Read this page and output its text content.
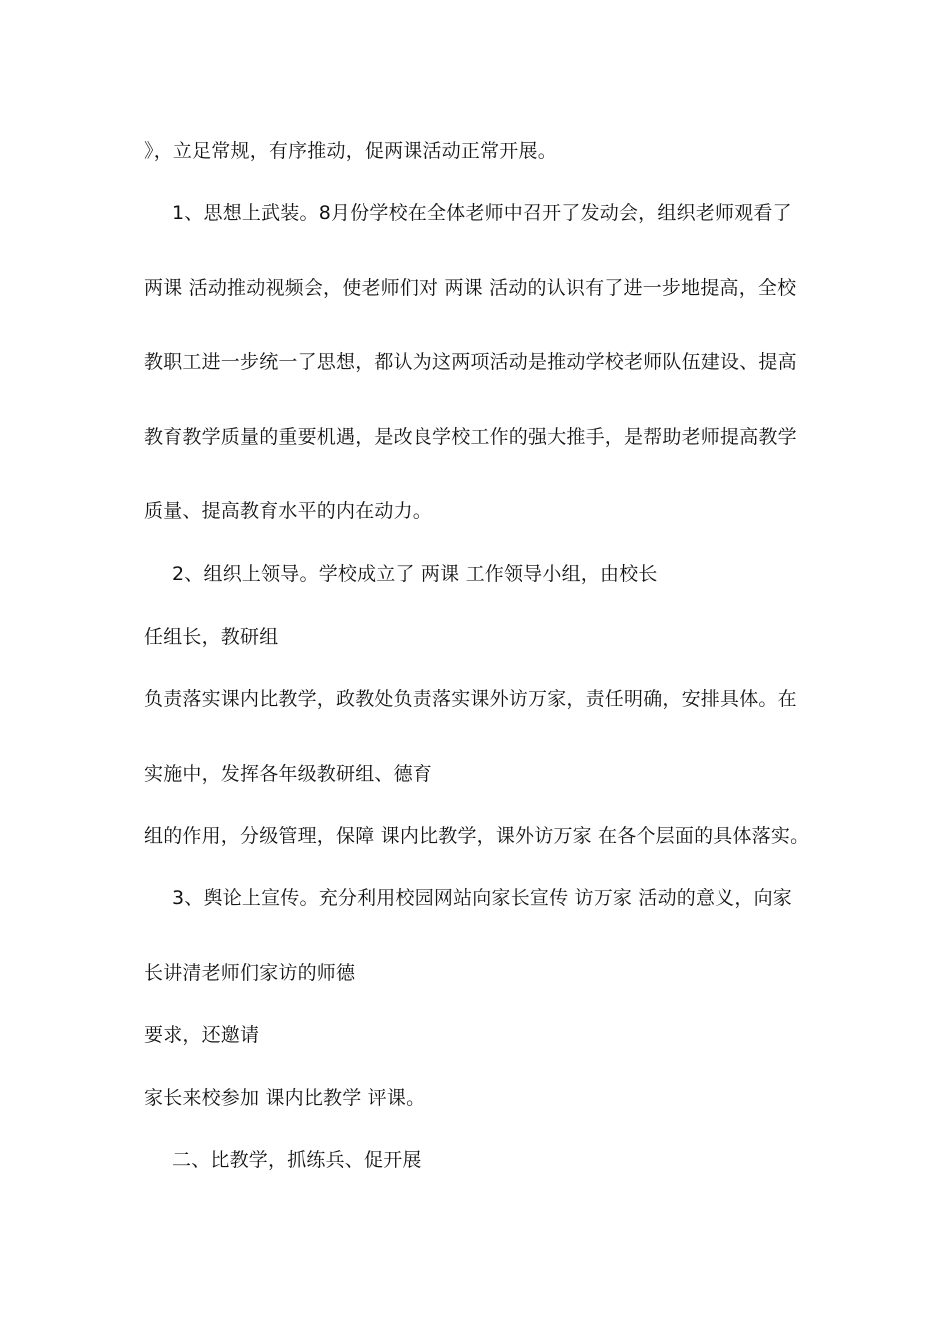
》，立足常规，有序推动，促两课活动正常开展。
1、思想上武装。8月份学校在全体老师中召开了发动会，组织老师观看了
两课 活动推动视频会，使老师们对 两课 活动的认识有了进一步地提高，全校
教职工进一步统一了思想，都认为这两项活动是推动学校老师队伍建设、提高
教育教学质量的重要机遇，是改良学校工作的强大推手，是帮助老师提高教学
质量、提高教育水平的内在动力。
2、组织上领导。学校成立了 两课 工作领导小组，由校长
任组长，教研组
负责落实课内比教学，政教处负责落实课外访万家，责任明确，安排具体。在
实施中，发挥各年级教研组、德育
组的作用，分级管理，保障 课内比教学，课外访万家 在各个层面的具体落实。
3、舆论上宣传。充分利用校园网站向家长宣传 访万家 活动的意义，向家
长讲清老师们家访的师德
要求，还邀请
家长来校参加 课内比教学 评课。
二、比教学，抓练兵、促开展
